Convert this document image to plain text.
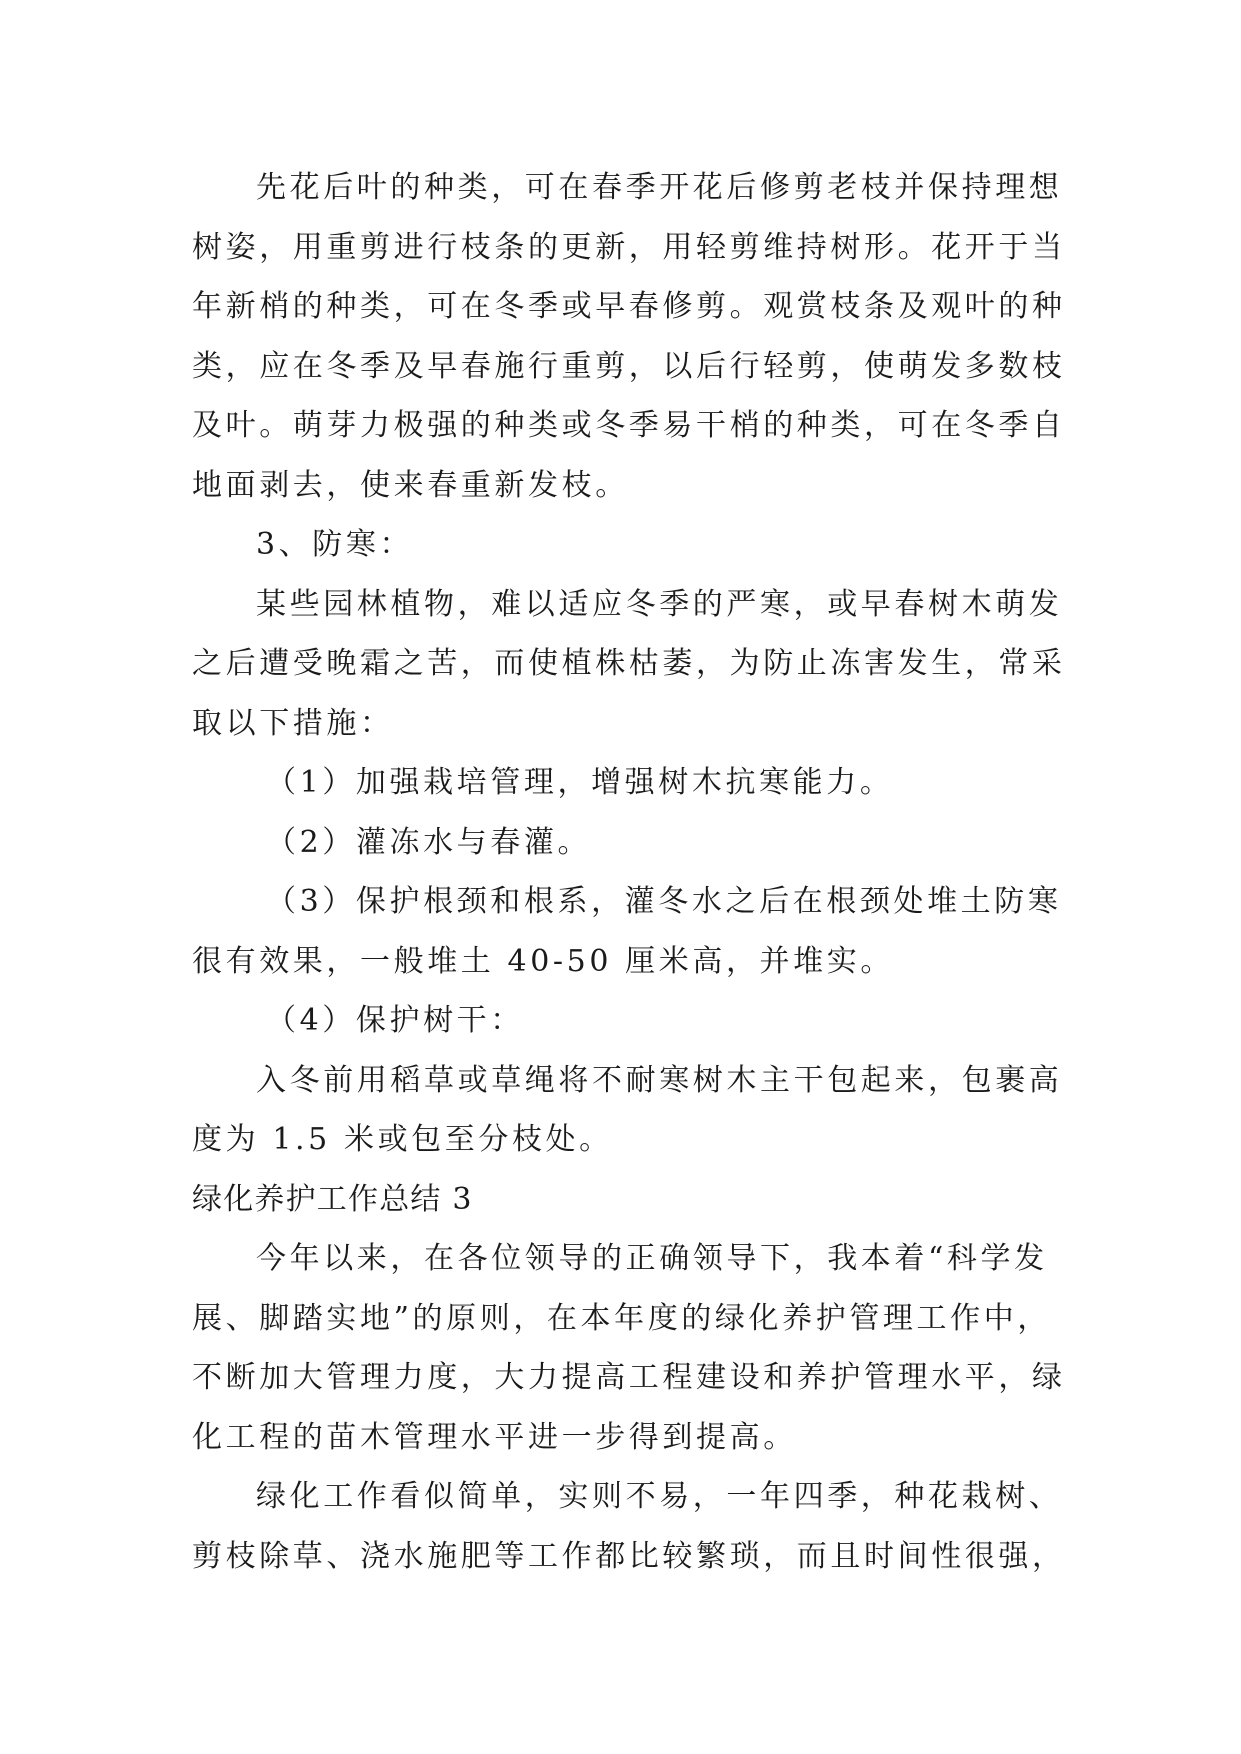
先花后叶的种类，可在春季开花后修剪老枝并保持理想
树姿，用重剪进行枝条的更新，用轻剪维持树形。花开于当
年新梢的种类，可在冬季或早春修剪。观赏枝条及观叶的种
类，应在冬季及早春施行重剪，以后行轻剪，使萌发多数枝
及叶。萌芽力极强的种类或冬季易干梢的种类，可在冬季自
地面剥去，使来春重新发枝。
3、防寒：
某些园林植物，难以适应冬季的严寒，或早春树木萌发
之后遭受晚霜之苦，而使植株枯萎，为防止冻害发生，常采
取以下措施：
（1）加强栽培管理，增强树木抗寒能力。
（2）灌冻水与春灌。
（3）保护根颈和根系，灌冬水之后在根颈处堆土防寒
很有效果，一般堆土 40-50 厘米高，并堆实。
（4）保护树干：
入冬前用稻草或草绳将不耐寒树木主干包起来，包裹高
度为 1.5 米或包至分枝处。
绿化养护工作总结 3
今年以来，在各位领导的正确领导下，我本着“科学发
展、脚踏实地”的原则，在本年度的绿化养护管理工作中，
不断加大管理力度，大力提高工程建设和养护管理水平，绿
化工程的苗木管理水平进一步得到提高。
绿化工作看似简单，实则不易，一年四季，种花栽树、
剪枝除草、浇水施肥等工作都比较繁琐，而且时间性很强，
